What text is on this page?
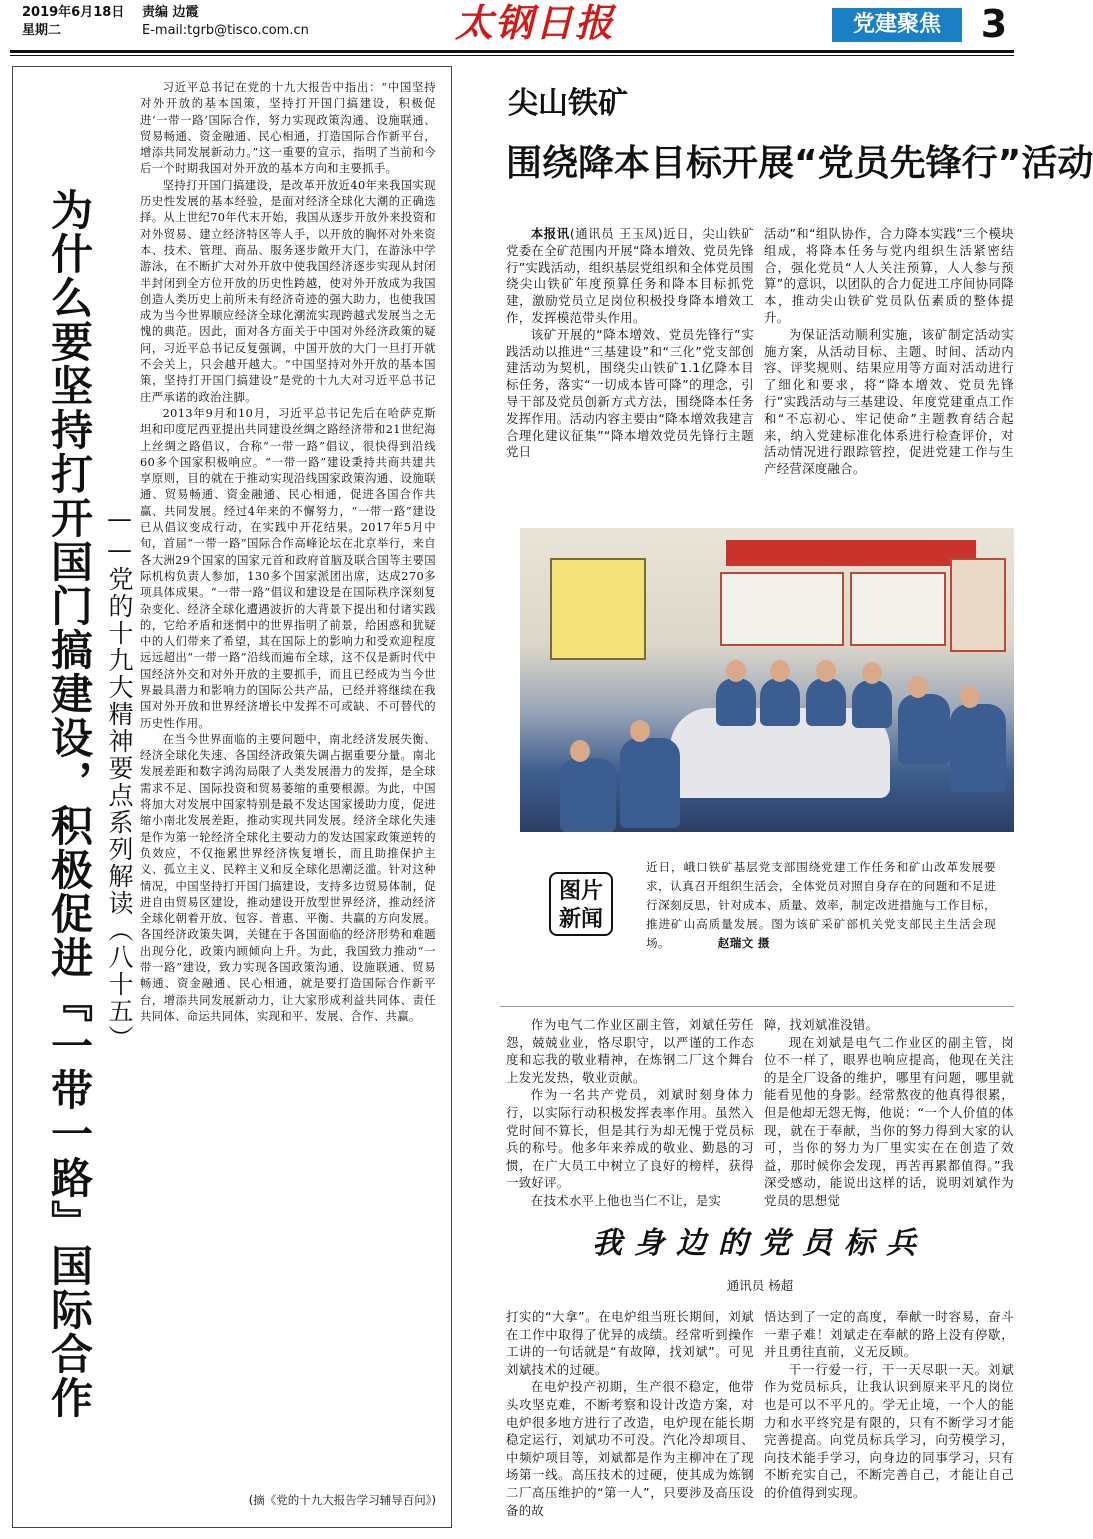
2019年6月18日
星期二
责编 边霞
E-mail:tgrb@tisco.com.cn	太钢日报	党建聚焦	3
为什么要坚持打开国门搞建设，积极促进『一带一路』国际合作 ——党的十九大精神要点系列解读（八十五）

习近平总书记在党的十九大报告中指出：“中国坚持对外开放的基本国策，坚持打开国门搞建设，积极促进‘一带一路’国际合作，努力实现政策沟通、设施联通、贸易畅通、资金融通、民心相通，打造国际合作新平台，增添共同发展新动力。”这一重要的宣示，指明了当前和今后一个时期我国对外开放的基本方向和主要抓手。

坚持打开国门搞建设，是改革开放近40年来我国实现历史性发展的基本经验，是面对经济全球化大潮的正确选择。从上世纪70年代末开始，我国从逐步开放外来投资和对外贸易、建立经济特区等人手，以开放的胸怀对外来资本、技术、管理、商品、服务逐步敞开大门，在游泳中学游泳，在不断扩大对外开放中使我国经济逐步实现从封闭半封闭到全方位开放的历史性跨越，使对外开放成为我国创造人类历史上前所未有经济奇迹的强大助力，也使我国成为当今世界顺应经济全球化潮流实现跨越式发展当之无愧的典范。因此，面对各方面关于中国对外经济政策的疑问，习近平总书记反复强调，中国开放的大门一旦打开就不会关上，只会越开越大。“中国坚持对外开放的基本国策，坚持打开国门搞建设”是党的十九大对习近平总书记庄严承诺的政治注脚。

2013年9月和10月，习近平总书记先后在哈萨克斯坦和印度尼西亚提出共同建设丝绸之路经济带和21世纪海上丝绸之路倡议，合称“一带一路”倡议，很快得到沿线60多个国家积极响应。“一带一路”建设秉持共商共建共享原则，目的就在于推动实现沿线国家政策沟通、设施联通、贸易畅通、资金融通、民心相通，促进各国合作共赢、共同发展。经过4年来的不懈努力，“一带一路”建设已从倡议变成行动，在实践中开花结果。2017年5月中旬，首届“一带一路”国际合作高峰论坛在北京举行，来自各大洲29个国家的国家元首和政府首脑及联合国等主要国际机构负责人参加，130多个国家派团出席，达成270多项具体成果。“一带一路”倡议和建设是在国际秩序深刻复杂变化、经济全球化遭遇波折的大背景下提出和付诸实践的，它给矛盾和迷惘中的世界指明了前景，给困惑和犹疑中的人们带来了希望，其在国际上的影响力和受欢迎程度远远超出“一带一路”沿线而遍布全球，这不仅是新时代中国经济外交和对外开放的主要抓手，而且已经成为当今世界最具潜力和影响力的国际公共产品，已经并将继续在我国对外开放和世界经济增长中发挥不可或缺、不可替代的历史性作用。

在当今世界面临的主要问题中，南北经济发展失衡、经济全球化失速、各国经济政策失调占据重要分量。南北发展差距和数字鸿沟局限了人类发展潜力的发挥，是全球需求不足、国际投资和贸易萎缩的重要根源。为此，中国将加大对发展中国家特别是最不发达国家援助力度，促进缩小南北发展差距，推动实现共同发展。经济全球化失速是作为第一轮经济全球化主要动力的发达国家政策逆转的负效应，不仅拖累世界经济恢复增长，而且助推保护主义、孤立主义、民粹主义和反全球化思潮泛滥。针对这种情况，中国坚持打开国门搞建设，支持多边贸易体制，促进自由贸易区建设，推动建设开放型世界经济，推动经济全球化朝着开放、包容、普惠、平衡、共赢的方向发展。各国经济政策失调，关键在于各国面临的经济形势和难题出现分化，政策内顾倾向上升。为此，我国致力推动“一带一路”建设，致力实现各国政策沟通、设施联通、贸易畅通、资金融通、民心相通，就是要打造国际合作新平台，增添共同发展新动力，让大家形成利益共同体、责任共同体、命运共同体，实现和平、发展、合作、共赢。

(摘《党的十九大报告学习辅导百问》)
尖山铁矿
围绕降本目标开展“党员先锋行”活动

本报讯(通讯员 王玉凤)近日，尖山铁矿党委在全矿范围内开展“降本增效、党员先锋行”实践活动，组织基层党组织和全体党员围绕尖山铁矿年度预算任务和降本目标抓党建，激励党员立足岗位积极投身降本增效工作，发挥模范带头作用。

该矿开展的“降本增效、党员先锋行”实践活动以推进“三基建设”和“三化”党支部创建活动为契机，围绕尖山铁矿1.1亿降本目标任务，落实“一切成本皆可降”的理念，引导干部及党员创新方式方法，围绕降本任务发挥作用。活动内容主要由“降本增效我建言合理化建议征集”“降本增效党员先锋行主题党日

活动”和“组队协作，合力降本实践”三个模块组成，将降本任务与党内组织生活紧密结合，强化党员“人人关注预算，人人参与预算”的意识，以团队的合力促进工序间协同降本，推动尖山铁矿党员队伍素质的整体提升。

为保证活动顺利实施，该矿制定活动实施方案，从活动目标、主题、时间、活动内容、评奖规则、结果应用等方面对活动进行了细化和要求，将“降本增效、党员先锋行”实践活动与三基建设、年度党建重点工作和“不忘初心、牢记使命”主题教育结合起来，纳入党建标准化体系进行检查评价，对活动情况进行跟踪管控，促进党建工作与生产经营深度融合。

图片
新闻
近日，峨口铁矿基层党支部围绕党建工作任务和矿山改革发展要求，认真召开组织生活会，全体党员对照自身存在的问题和不足进行深刻反思，针对成本、质量、效率，制定改进措施与工作目标，推进矿山高质量发展。图为该矿采矿部机关党支部民主生活会现场。	赵瑞文 摄

作为电气二作业区副主管，刘斌任劳任怨，兢兢业业，恪尽职守，以严谨的工作态度和忘我的敬业精神，在炼钢二厂这个舞台上发光发热，敬业贡献。

作为一名共产党员，刘斌时刻身体力行，以实际行动积极发挥表率作用。虽然入党时间不算长，但是其行为却无愧于党员标兵的称号。他多年来养成的敬业、勤恳的习惯，在广大员工中树立了良好的榜样，获得一致好评。

在技术水平上他也当仁不让，是实

障，找刘斌准没错。

现在刘斌是电气二作业区的副主管，岗位不一样了，眼界也响应提高，他现在关注的是全厂设备的维护，哪里有问题，哪里就能看见他的身影。经常熬夜的他真得很累，但是他却无怨无悔，他说：“一个人价值的体现，就在于奉献，当你的努力得到大家的认可，当你的努力为厂里实实在在创造了效益，那时候你会发现，再苦再累都值得。”我深受感动，能说出这样的话，说明刘斌作为党员的思想觉

我身边的党员标兵
通讯员 杨超

打实的“大拿”。在电炉组当班长期间，刘斌在工作中取得了优异的成绩。经常听到操作工讲的一句话就是“有故障，找刘斌”。可见刘斌技术的过硬。

在电炉投产初期，生产很不稳定，他带头攻坚克难，不断考察和设计改造方案，对电炉很多地方进行了改造，电炉现在能长期稳定运行，刘斌功不可没。汽化冷却项目、中频炉项目等，刘斌都是作为主柳冲在了现场第一线。高压技术的过硬，使其成为炼钢二厂高压维护的“第一人”，只要涉及高压设备的故

悟达到了一定的高度，奉献一时容易，奋斗一辈子难！刘斌走在奉献的路上没有停歇，并且勇往直前，义无反顾。

干一行爱一行，干一天尽职一天。刘斌作为党员标兵，让我认识到原来平凡的岗位也是可以不平凡的。学无止境，一个人的能力和水平终究是有限的，只有不断学习才能完善提高。向党员标兵学习，向劳模学习，向技术能手学习，向身边的同事学习，只有不断充实自己，不断完善自己，才能让自己的价值得到实现。
